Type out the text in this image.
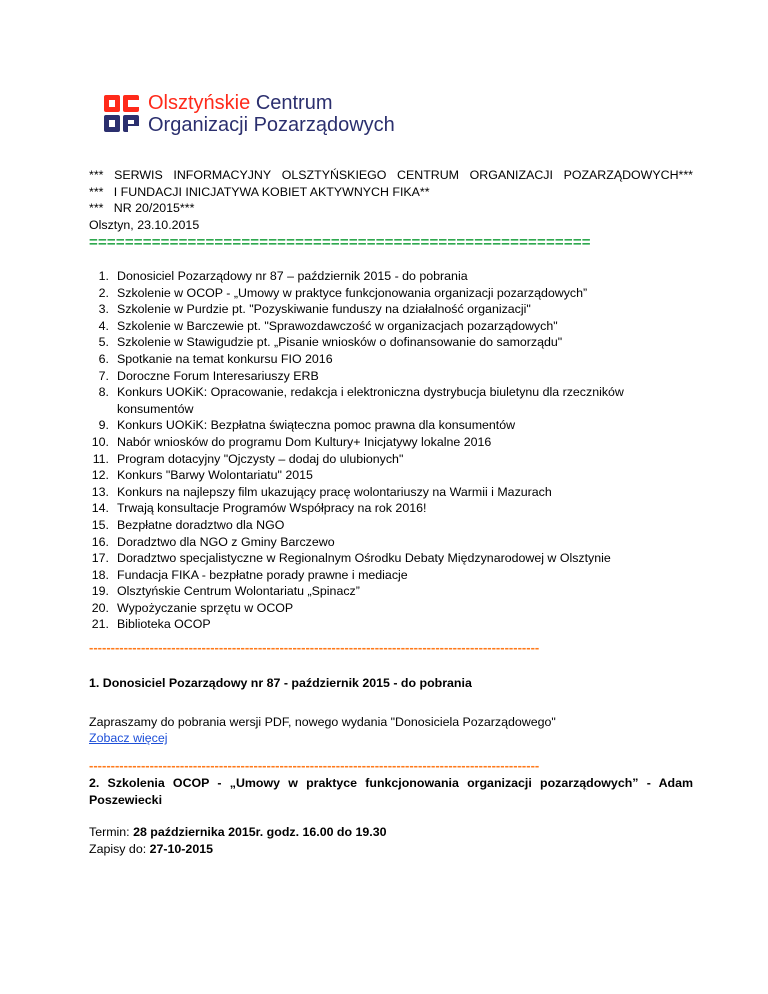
Olsztyńskie Centrum
Organizacji Pozarządowych
*** SERWIS INFORMACYJNY OLSZTYŃSKIEGO CENTRUM ORGANIZACJI POZARZĄDOWYCH***
***   I FUNDACJI INICJATYWA KOBIET AKTYWNYCH FIKA**
***   NR 20/2015***
Olsztyn, 23.10.2015
========================================================
1. Donosiciel Pozarządowy nr 87 – październik 2015 - do pobrania
2. Szkolenie w OCOP - „Umowy w praktyce funkcjonowania organizacji pozarządowych”
3. Szkolenie w Purdzie pt. "Pozyskiwanie funduszy na działalność organizacji"
4. Szkolenie w Barczewie pt. "Sprawozdawczość w organizacjach pozarządowych"
5. Szkolenie w Stawigudzie pt. „Pisanie wniosków o dofinansowanie do samorządu"
6. Spotkanie na temat konkursu FIO 2016
7. Doroczne Forum Interesariuszy ERB
8. Konkurs UOKiK: Opracowanie, redakcja i elektroniczna dystrybucja biuletynu dla rzeczników konsumentów
9. Konkurs UOKiK: Bezpłatna świąteczna pomoc prawna dla konsumentów
10. Nabór wniosków do programu Dom Kultury+ Inicjatywy lokalne 2016
11. Program dotacyjny "Ojczysty – dodaj do ulubionych"
12. Konkurs "Barwy Wolontariatu" 2015
13. Konkurs na najlepszy film ukazujący pracę wolontariuszy na Warmii i Mazurach
14. Trwają konsultacje Programów Współpracy na rok 2016!
15. Bezpłatne doradztwo dla NGO
16. Doradztwo dla NGO z Gminy Barczewo
17. Doradztwo specjalistyczne w Regionalnym Ośrodku Debaty Międzynarodowej w Olsztynie
18. Fundacja FIKA - bezpłatne porady prawne i mediacje
19. Olsztyńskie Centrum Wolontariatu „Spinacz”
20. Wypożyczanie sprzętu w OCOP
21. Biblioteka OCOP
--------------------------------------------------------------------------------------------------------
1. Donosiciel Pozarządowy nr 87 - październik 2015 - do pobrania
Zapraszamy do pobrania wersji PDF, nowego wydania "Donosiciela Pozarządowego"
Zobacz więcej
--------------------------------------------------------------------------------------------------------
2. Szkolenia OCOP - „Umowy w praktyce funkcjonowania organizacji pozarządowych” - Adam Poszewiecki
Termin: 28 października 2015r. godz. 16.00 do 19.30
Zapisy do: 27-10-2015
